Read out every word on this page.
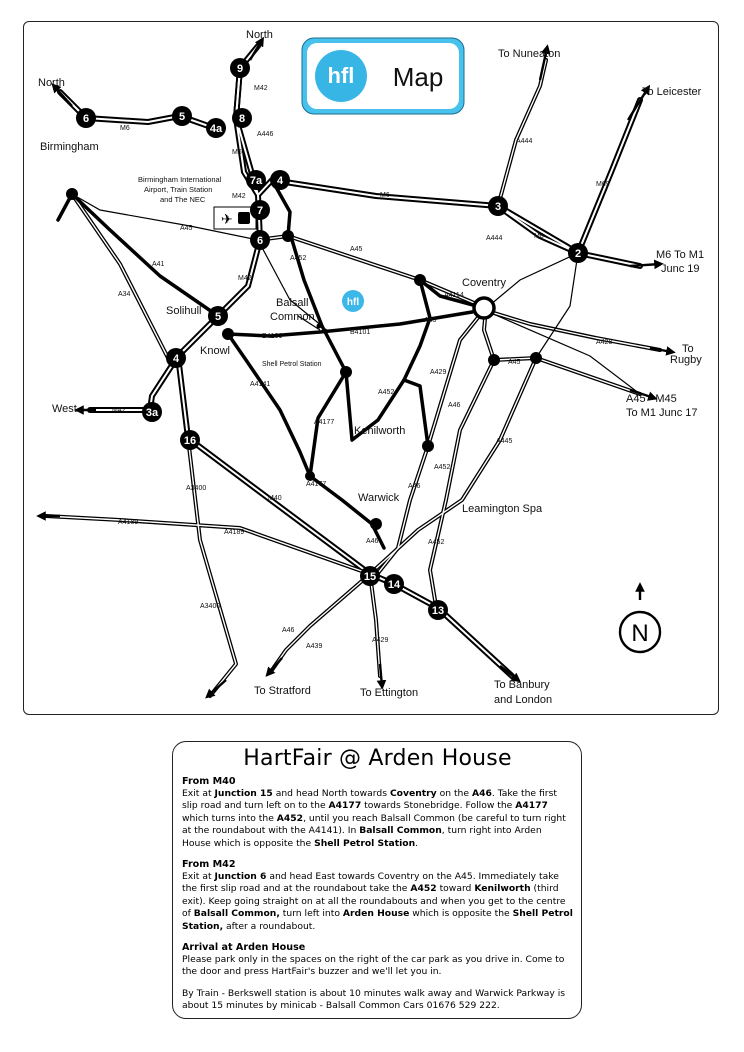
hfl Map
hfl
✈
9
8
5
4a
6
7a 4
7
6
3
2
5
4
3a
16
15
14
13
M42
A446
M6
M6
M42
A45
M6
A444
A444	M6
M69
A45
A452
A41
A34
M42
B4101
B4101
A4114
A45
A428
A4141
A429
A45
A452
M42
A4177
A46
A445
A452
A3400
M40
A4177	A46
A4189
A4189
A46	A452
A3400
A46
A439
A429
North
North
Birmingham
Birmingham International
Airport, Train Station
and The NEC
To Nuneaton
To Leicester
M6 To M1
Junc 19
Coventry
Solihull
Balsall
Common
Knowl
Shell Petrol Station
To
Rugby
A45 - M45
To M1 Junc 17
West
Kenilworth
Warwick
Leamington Spa
To Stratford	To Ettington
To Banbury
and London
N
HartFair @ Arden House

From M40

Exit at Junction 15 and head North towards Coventry on the A46. Take the first slip road and turn left on to the A4177 towards Stonebridge. Follow the A4177 which turns into the A452, until you reach Balsall Common (be careful to turn right at the roundabout with the A4141). In Balsall Common, turn right into Arden House which is opposite the Shell Petrol Station.

From M42

Exit at Junction 6 and head East towards Coventry on the A45. Immediately take the first slip road and at the roundabout take the A452 toward Kenilworth (third exit). Keep going straight on at all the roundabouts and when you get to the centre of Balsall Common, turn left into Arden House which is opposite the Shell Petrol Station, after a roundabout.

Arrival at Arden House

Please park only in the spaces on the right of the car park as you drive in. Come to the door and press HartFair's buzzer and we'll let you in.

By Train - Berkswell station is about 10 minutes walk away and Warwick Parkway is about 15 minutes by minicab - Balsall Common Cars 01676 529 222.
